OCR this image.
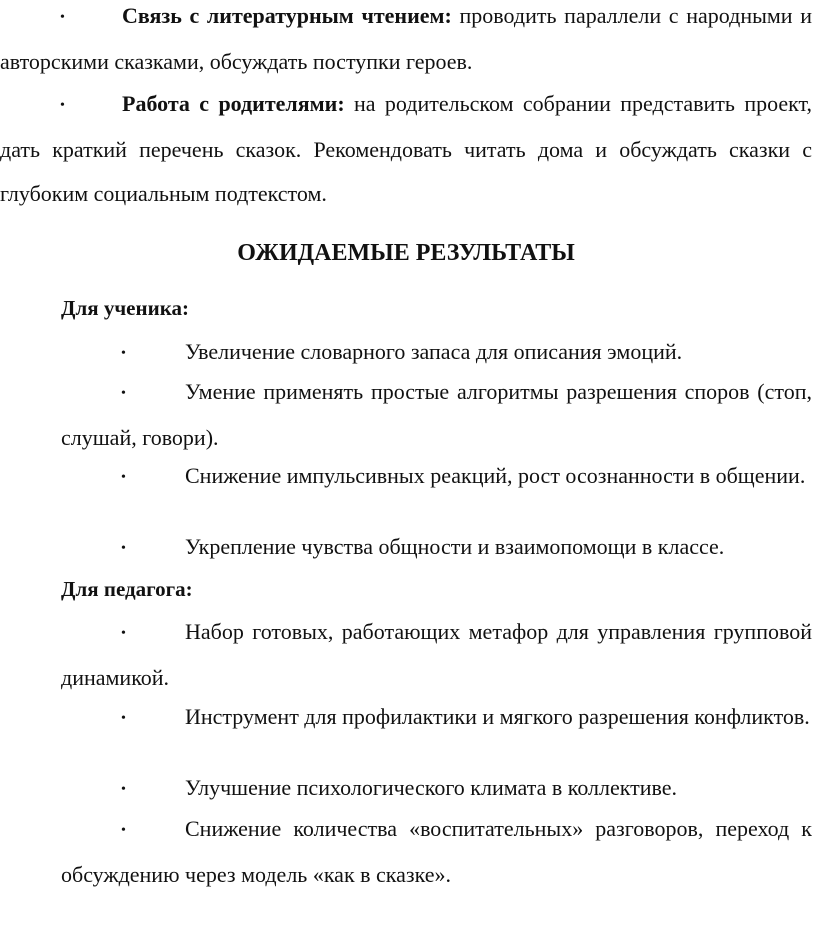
•	Связь с литературным чтением: проводить параллели с народными и авторскими сказками, обсуждать поступки героев.
•	Работа с родителями: на родительском собрании представить проект, дать краткий перечень сказок. Рекомендовать читать дома и обсуждать сказки с глубоким социальным подтекстом.
ОЖИДАЕМЫЕ РЕЗУЛЬТАТЫ
Для ученика:
•	Увеличение словарного запаса для описания эмоций.
•	Умение применять простые алгоритмы разрешения споров (стоп, слушай, говори).
•	Снижение импульсивных реакций, рост осознанности в общении.
•	Укрепление чувства общности и взаимопомощи в классе.
Для педагога:
•	Набор готовых, работающих метафор для управления групповой динамикой.
•	Инструмент для профилактики и мягкого разрешения конфликтов.
•	Улучшение психологического климата в коллективе.
•	Снижение количества «воспитательных» разговоров, переход к обсуждению через модель «как в сказке».
